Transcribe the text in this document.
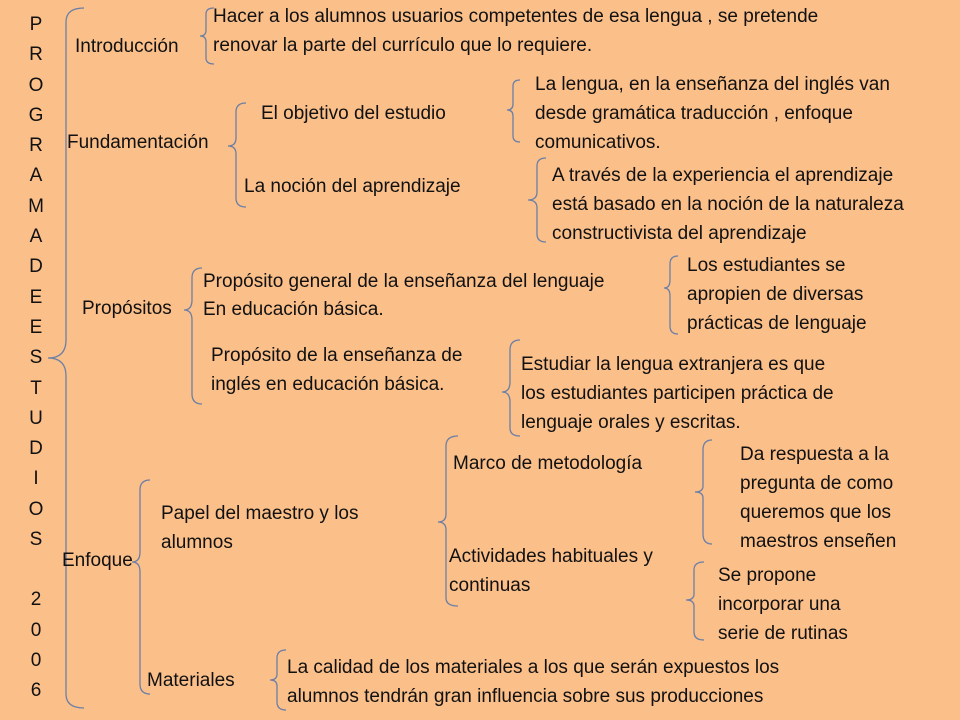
P
R
O
G
R
A
M
A
D
E
E
S
T
U
D
I
O
S
2
0
0
6
Introducción
Hacer a los alumnos usuarios competentes de esa lengua , se pretende
renovar la parte del currículo que lo requiere.
Fundamentación
El objetivo del estudio
La lengua, en la enseñanza del inglés van
desde gramática traducción , enfoque
comunicativos.
La noción del aprendizaje
A través de la experiencia el aprendizaje
está basado en la noción de la naturaleza
constructivista del aprendizaje
Propósitos
Propósito general de la enseñanza del lenguaje
En educación básica.
Los estudiantes se
apropien de diversas
prácticas de lenguaje
Propósito de la enseñanza de
inglés en educación básica.
Estudiar la lengua extranjera es que
los estudiantes participen práctica de
lenguaje orales y escritas.
Enfoque
Papel del maestro y los
alumnos
Marco de metodología	Da respuesta a la
pregunta de como
queremos que los
maestros enseñen
Actividades habituales y
continuas	Se propone
incorporar una
serie de rutinas
Materiales
La calidad de los materiales a los que serán expuestos los
alumnos tendrán gran influencia sobre sus producciones
